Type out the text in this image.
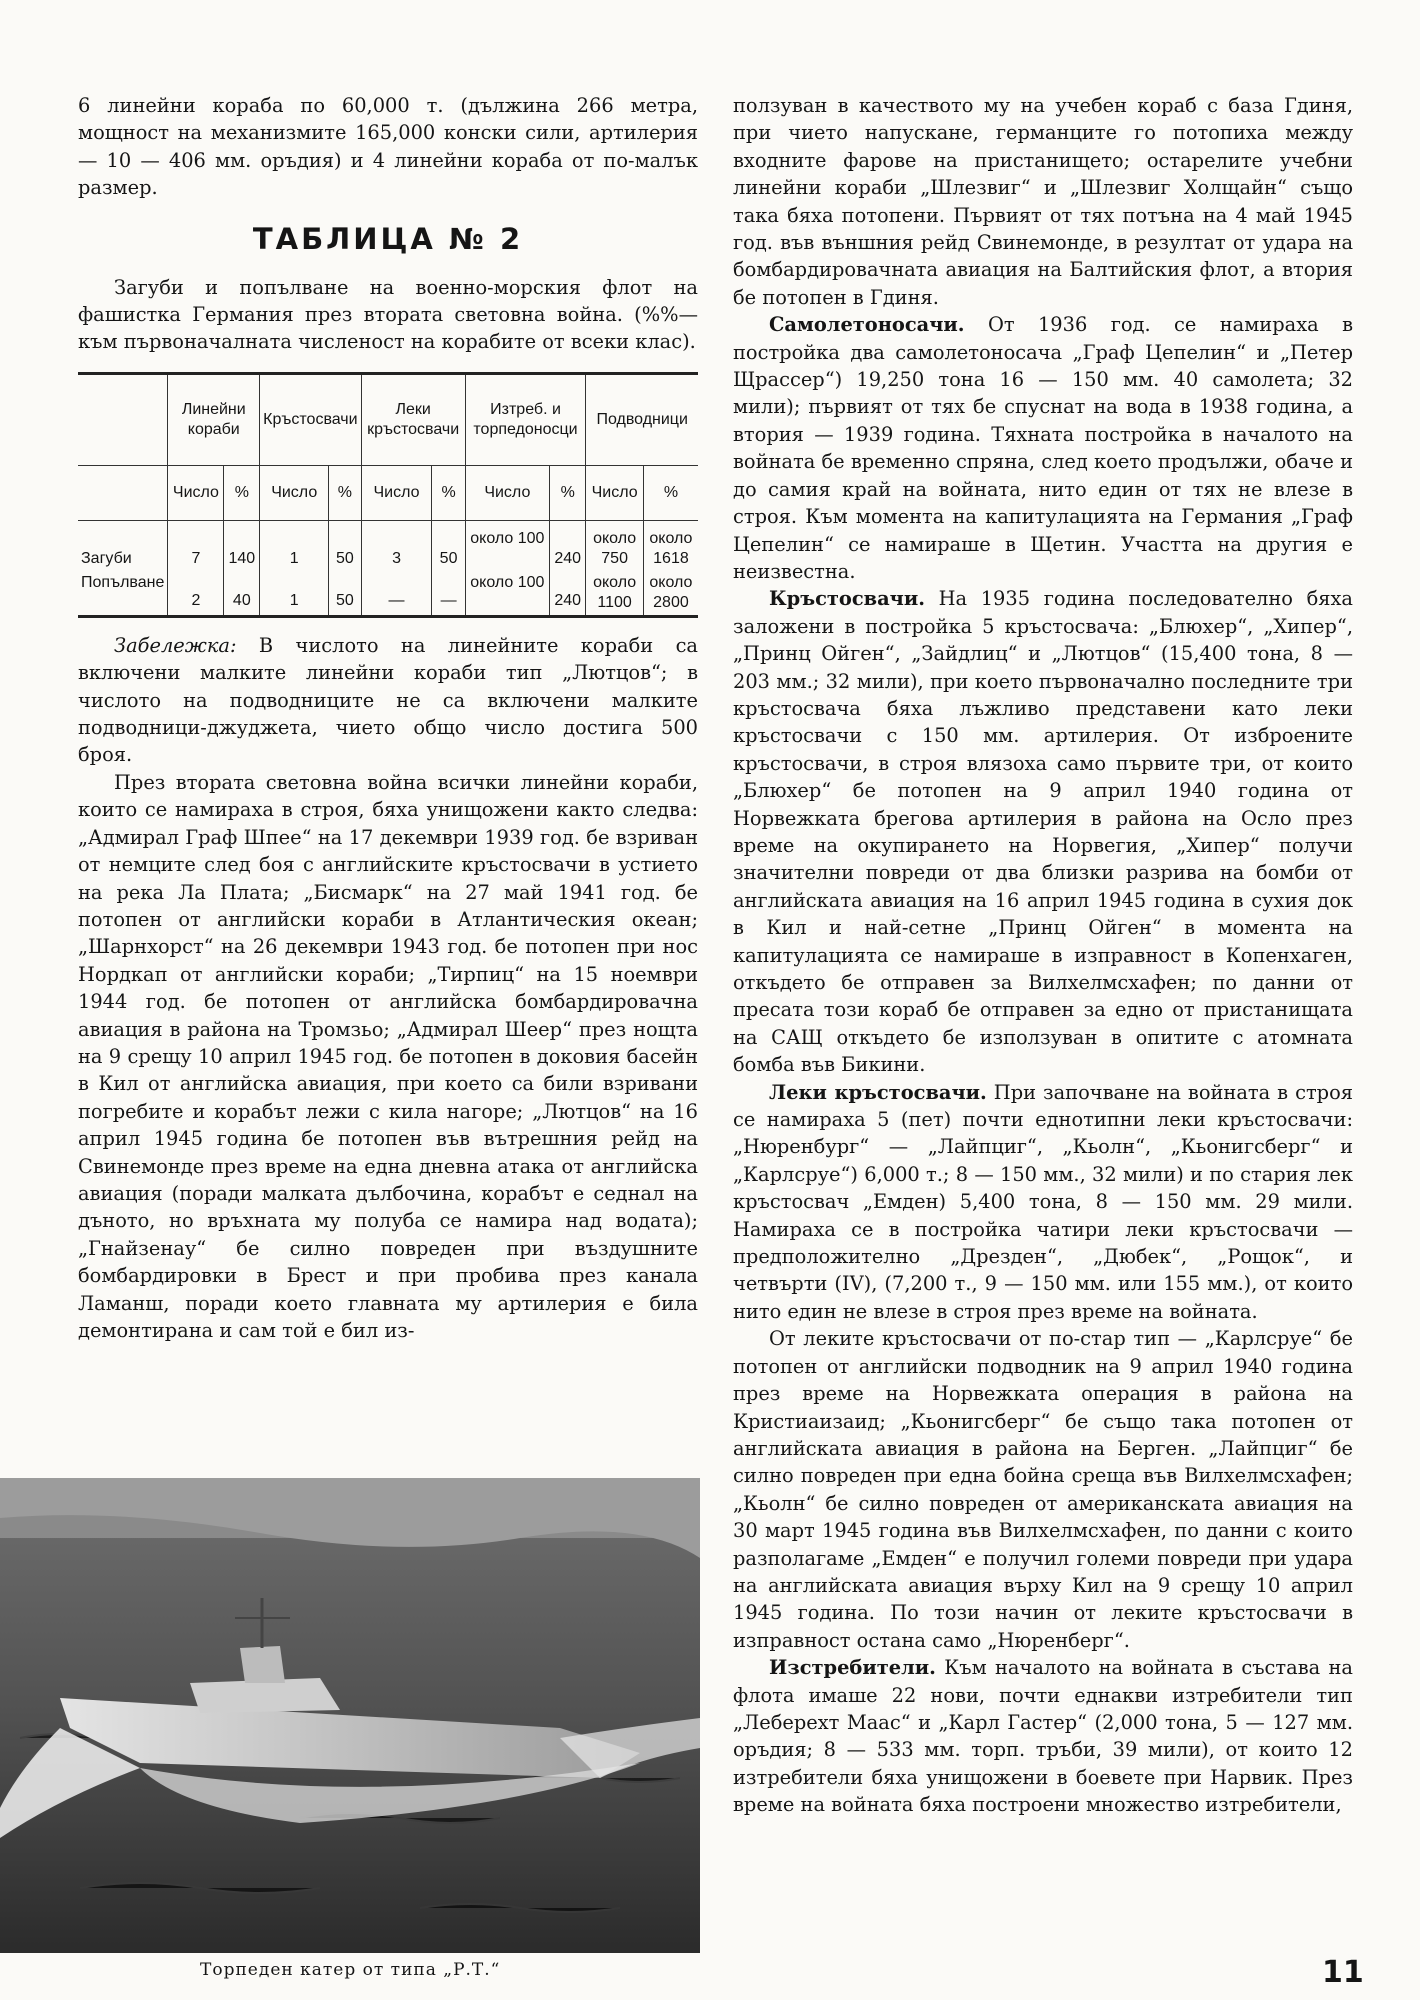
6 линейни кораба по 60,000 т. (дължина 266 метра, мощност на механизмите 165,000 конски сили, артилерия — 10 — 406 мм. оръдия) и 4 линейни кораба от по-малък размер.

ТАБЛИЦА № 2

Загуби и попълване на военно-морския флот на фашистка Германия през втората световна война. (%%— към първоначалната численост на корабите от всеки клас).

	Линейни кораби		Кръстосвачи		Леки кръстосвачи		Изтреб. и торпедоносци		Подводници	
	Число	%	Число	%	Число	%	Число	%	Число	%
Загуби	7	140	1	50	3	50	около 100	240	около 750	около 1618
Попълване	2	40	1	50	—	—	около 100	240	около 1100	около 2800

Забележка: В числото на линейните кораби са включени малките линейни кораби тип „Лютцов“; в числото на подводниците не са включени малките подводници-джуджета, чието общо число достига 500 броя.

През втората световна война всички линейни кораби, които се намираха в строя, бяха унищожени както следва: „Адмирал Граф Шпее“ на 17 декември 1939 год. бе взриван от немците след боя с английските кръстосвачи в устието на река Ла Плата; „Бисмарк“ на 27 май 1941 год. бе потопен от английски кораби в Атлантическия океан; „Шарнхорст“ на 26 декември 1943 год. бе потопен при нос Нордкап от английски кораби; „Тирпиц“ на 15 ноември 1944 год. бе потопен от английска бомбардировачна авиация в района на Тромзьо; „Адмирал Шеер“ през нощта на 9 срещу 10 април 1945 год. бе потопен в доковия басейн в Кил от английска авиация, при което са били взривани погребите и корабът лежи с кила нагоре; „Лютцов“ на 16 април 1945 година бе потопен във вътрешния рейд на Свинемонде през време на една дневна атака от английска авиация (поради малката дълбочина, корабът е седнал на дъното, но връхната му полуба се намира над водата); „Гнайзенау“ бе силно повреден при въздушните бомбардировки в Брест и при пробива през канала Ламанш, поради което главната му артилерия е била демонтирана и сам той е бил из-

Торпеден катер от типа „Р.Т.“

ползуван в качеството му на учебен кораб с база Гдиня, при чието напускане, германците го потопиха между входните фарове на пристанището; остарелите учебни линейни кораби „Шлезвиг“ и „Шлезвиг Холщайн“ също така бяха потопени. Първият от тях потъна на 4 май 1945 год. във външния рейд Свинемонде, в резултат от удара на бомбардировачната авиация на Балтийския флот, а втория бе потопен в Гдиня.

Самолетоносачи. От 1936 год. се намираха в постройка два самолетоносача „Граф Цепелин“ и „Петер Щрассер“) 19,250 тона 16 — 150 мм. 40 самолета; 32 мили); първият от тях бе спуснат на вода в 1938 година, а втория — 1939 година. Тяхната постройка в началото на войната бе временно спряна, след което продължи, обаче и до самия край на войната, нито един от тях не влезе в строя. Към момента на капитулацията на Германия „Граф Цепелин“ се намираше в Щетин. Участта на другия е неизвестна.

Кръстосвачи. На 1935 година последователно бяха заложени в постройка 5 кръстосвача: „Блюхер“, „Хипер“, „Принц Ойген“, „Зайдлиц“ и „Лютцов“ (15,400 тона, 8 — 203 мм.; 32 мили), при което първоначално последните три кръстосвача бяха лъжливо представени като леки кръстосвачи с 150 мм. артилерия. От изброените кръстосвачи, в строя влязоха само първите три, от които „Блюхер“ бе потопен на 9 април 1940 година от Норвежката брегова артилерия в района на Осло през време на окупирането на Норвегия, „Хипер“ получи значителни повреди от два близки разрива на бомби от английската авиация на 16 април 1945 година в сухия док в Кил и най-сетне „Принц Ойген“ в момента на капитулацията се намираше в изправност в Копенхаген, откъдето бе отправен за Вилхелмсхафен; по данни от пресата този кораб бе отправен за едно от пристанищата на САЩ откъдето бе използуван в опитите с атомната бомба във Бикини.

Леки кръстосвачи. При започване на войната в строя се намираха 5 (пет) почти еднотипни леки кръстосвачи: „Нюренбург“ — „Лайпциг“, „Кьолн“, „Кьонигсберг“ и „Карлсруе“) 6,000 т.; 8 — 150 мм., 32 мили) и по стария лек кръстосвач „Емден) 5,400 тона, 8 — 150 мм. 29 мили. Намираха се в постройка чатири леки кръстосвачи — предположително „Дрезден“, „Дюбек“, „Рощок“, и четвърти (IV), (7,200 т., 9 — 150 мм. или 155 мм.), от които нито един не влезе в строя през време на войната.

От леките кръстосвачи от по-стар тип — „Карлсруе“ бе потопен от английски подводник на 9 април 1940 година през време на Норвежката операция в района на Кристиаизаид; „Кьонигсберг“ бе също така потопен от английската авиация в района на Берген. „Лайпциг“ бе силно повреден при една бойна среща във Вилхелмсхафен; „Кьолн“ бе силно повреден от американската авиация на 30 март 1945 година във Вилхелмсхафен, по данни с които разполагаме „Емден“ е получил големи повреди при удара на английската авиация върху Кил на 9 срещу 10 април 1945 година. По този начин от леките кръстосвачи в изправност остана само „Нюренберг“.

Изстребители. Към началото на войната в състава на флота имаше 22 нови, почти еднакви изтребители тип „Леберехт Маас“ и „Карл Гастер“ (2,000 тона, 5 — 127 мм. оръдия; 8 — 533 мм. торп. тръби, 39 мили), от които 12 изтребители бяха унищожени в боевете при Нарвик. През време на войната бяха построени множество изтребители,

11
